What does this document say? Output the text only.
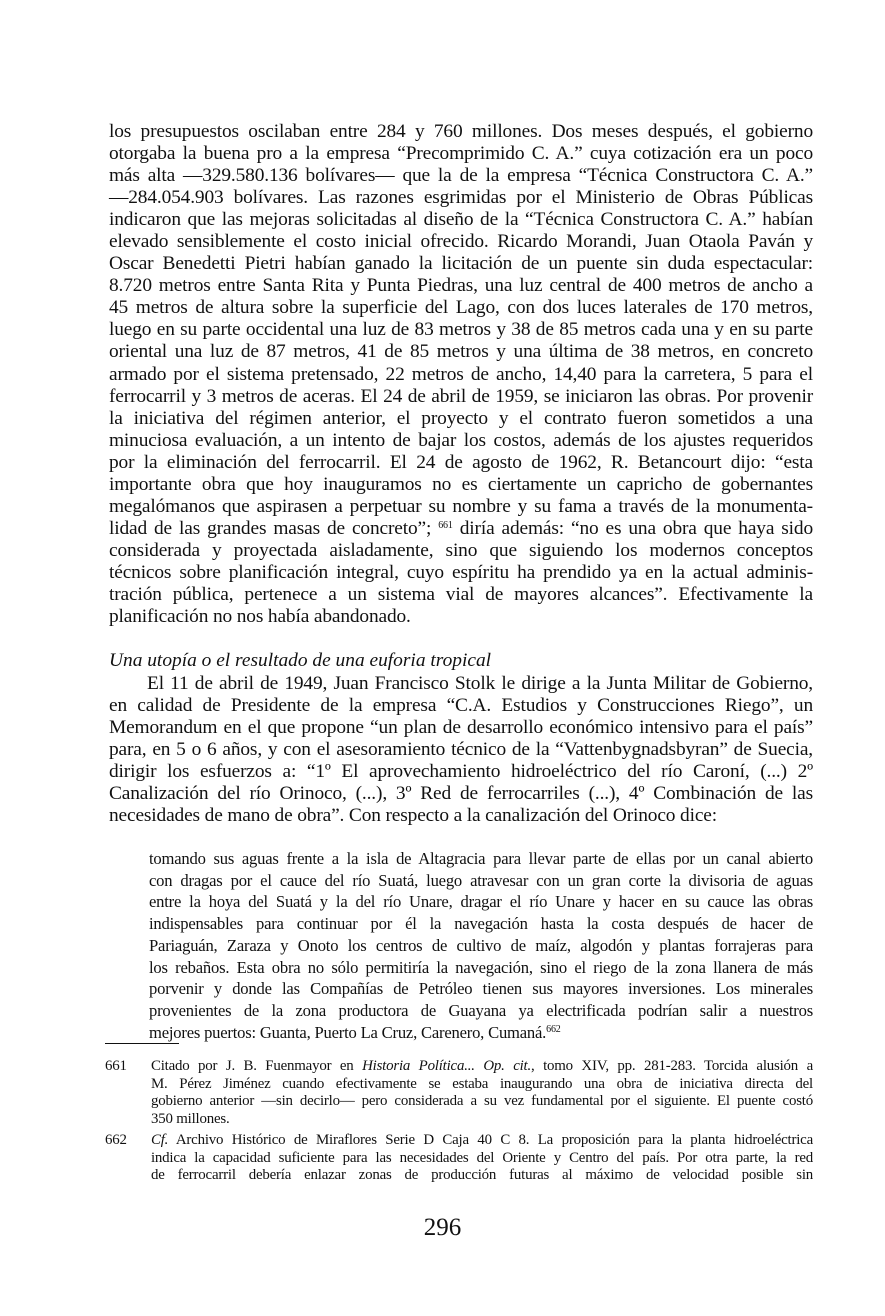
los presupuestos oscilaban entre 284 y 760 millones. Dos meses después, el gobierno
otorgaba la buena pro a la empresa “Precomprimido C. A.” cuya cotización era un poco
más alta —329.580.136 bolívares— que la de la empresa “Técnica Constructora C. A.”
—284.054.903 bolívares. Las razones esgrimidas por el Ministerio de Obras Públicas
indicaron que las mejoras solicitadas al diseño de la “Técnica Constructora C. A.” habían
elevado sensiblemente el costo inicial ofrecido. Ricardo Morandi, Juan Otaola Paván y
Oscar Benedetti Pietri habían ganado la licitación de un puente sin duda espectacular:
8.720 metros entre Santa Rita y Punta Piedras, una luz central de 400 metros de ancho a
45 metros de altura sobre la superficie del Lago, con dos luces laterales de 170 metros,
luego en su parte occidental una luz de 83 metros y 38 de 85 metros cada una y en su parte
oriental una luz de 87 metros, 41 de 85 metros y una última de 38 metros, en concreto
armado por el sistema pretensado, 22 metros de ancho, 14,40 para la carretera, 5 para el
ferrocarril y 3 metros de aceras. El 24 de abril de 1959, se iniciaron las obras. Por provenir
la iniciativa del régimen anterior, el proyecto y el contrato fueron sometidos a una
minuciosa evaluación, a un intento de bajar los costos, además de los ajustes requeridos
por la eliminación del ferrocarril. El 24 de agosto de 1962, R. Betancourt dijo: “esta
importante obra que hoy inauguramos no es ciertamente un capricho de gobernantes
megalómanos que aspirasen a perpetuar su nombre y su fama a través de la monumenta-
lidad de las grandes masas de concreto”; $^{661}$ diría además: “no es una obra que haya sido
considerada y proyectada aisladamente, sino que siguiendo los modernos conceptos
técnicos sobre planificación integral, cuyo espíritu ha prendido ya en la actual adminis-
tración pública, pertenece a un sistema vial de mayores alcances”. Efectivamente la
planificación no nos había abandonado.
Una utopía o el resultado de una euforia tropical
El 11 de abril de 1949, Juan Francisco Stolk le dirige a la Junta Militar de Gobierno,
en calidad de Presidente de la empresa “C.A. Estudios y Construcciones Riego”, un
Memorandum en el que propone “un plan de desarrollo económico intensivo para el país”
para, en 5 o 6 años, y con el asesoramiento técnico de la “Vattenbygnadsbyran” de Suecia,
dirigir los esfuerzos a: “1º El aprovechamiento hidroeléctrico del río Caroní, (...) 2º
Canalización del río Orinoco, (...), 3º Red de ferrocarriles (...), 4º Combinación de las
necesidades de mano de obra”. Con respecto a la canalización del Orinoco dice:
tomando sus aguas frente a la isla de Altagracia para llevar parte de ellas por un canal abierto
con dragas por el cauce del río Suatá, luego atravesar con un gran corte la divisoria de aguas
entre la hoya del Suatá y la del río Unare, dragar el río Unare y hacer en su cauce las obras
indispensables para continuar por él la navegación hasta la costa después de hacer de
Pariaguán, Zaraza y Onoto los centros de cultivo de maíz, algodón y plantas forrajeras para
los rebaños. Esta obra no sólo permitiría la navegación, sino el riego de la zona llanera de más
porvenir y donde las Compañías de Petróleo tienen sus mayores inversiones. Los minerales
provenientes de la zona productora de Guayana ya electrificada podrían salir a nuestros
mejores puertos: Guanta, Puerto La Cruz, Carenero, Cumaná.$^{662}$
661	Citado por J. B. Fuenmayor en Historia Política... Op. cit., tomo XIV, pp. 281-283. Torcida alusión a
M. Pérez Jiménez cuando efectivamente se estaba inaugurando una obra de iniciativa directa del
gobierno anterior —sin decirlo— pero considerada a su vez fundamental por el siguiente. El puente costó
350 millones.
662	Cf. Archivo Histórico de Miraflores Serie D Caja 40 C 8. La proposición para la planta hidroeléctrica
indica la capacidad suficiente para las necesidades del Oriente y Centro del país. Por otra parte, la red
de ferrocarril debería enlazar zonas de producción futuras al máximo de velocidad posible sin
296
